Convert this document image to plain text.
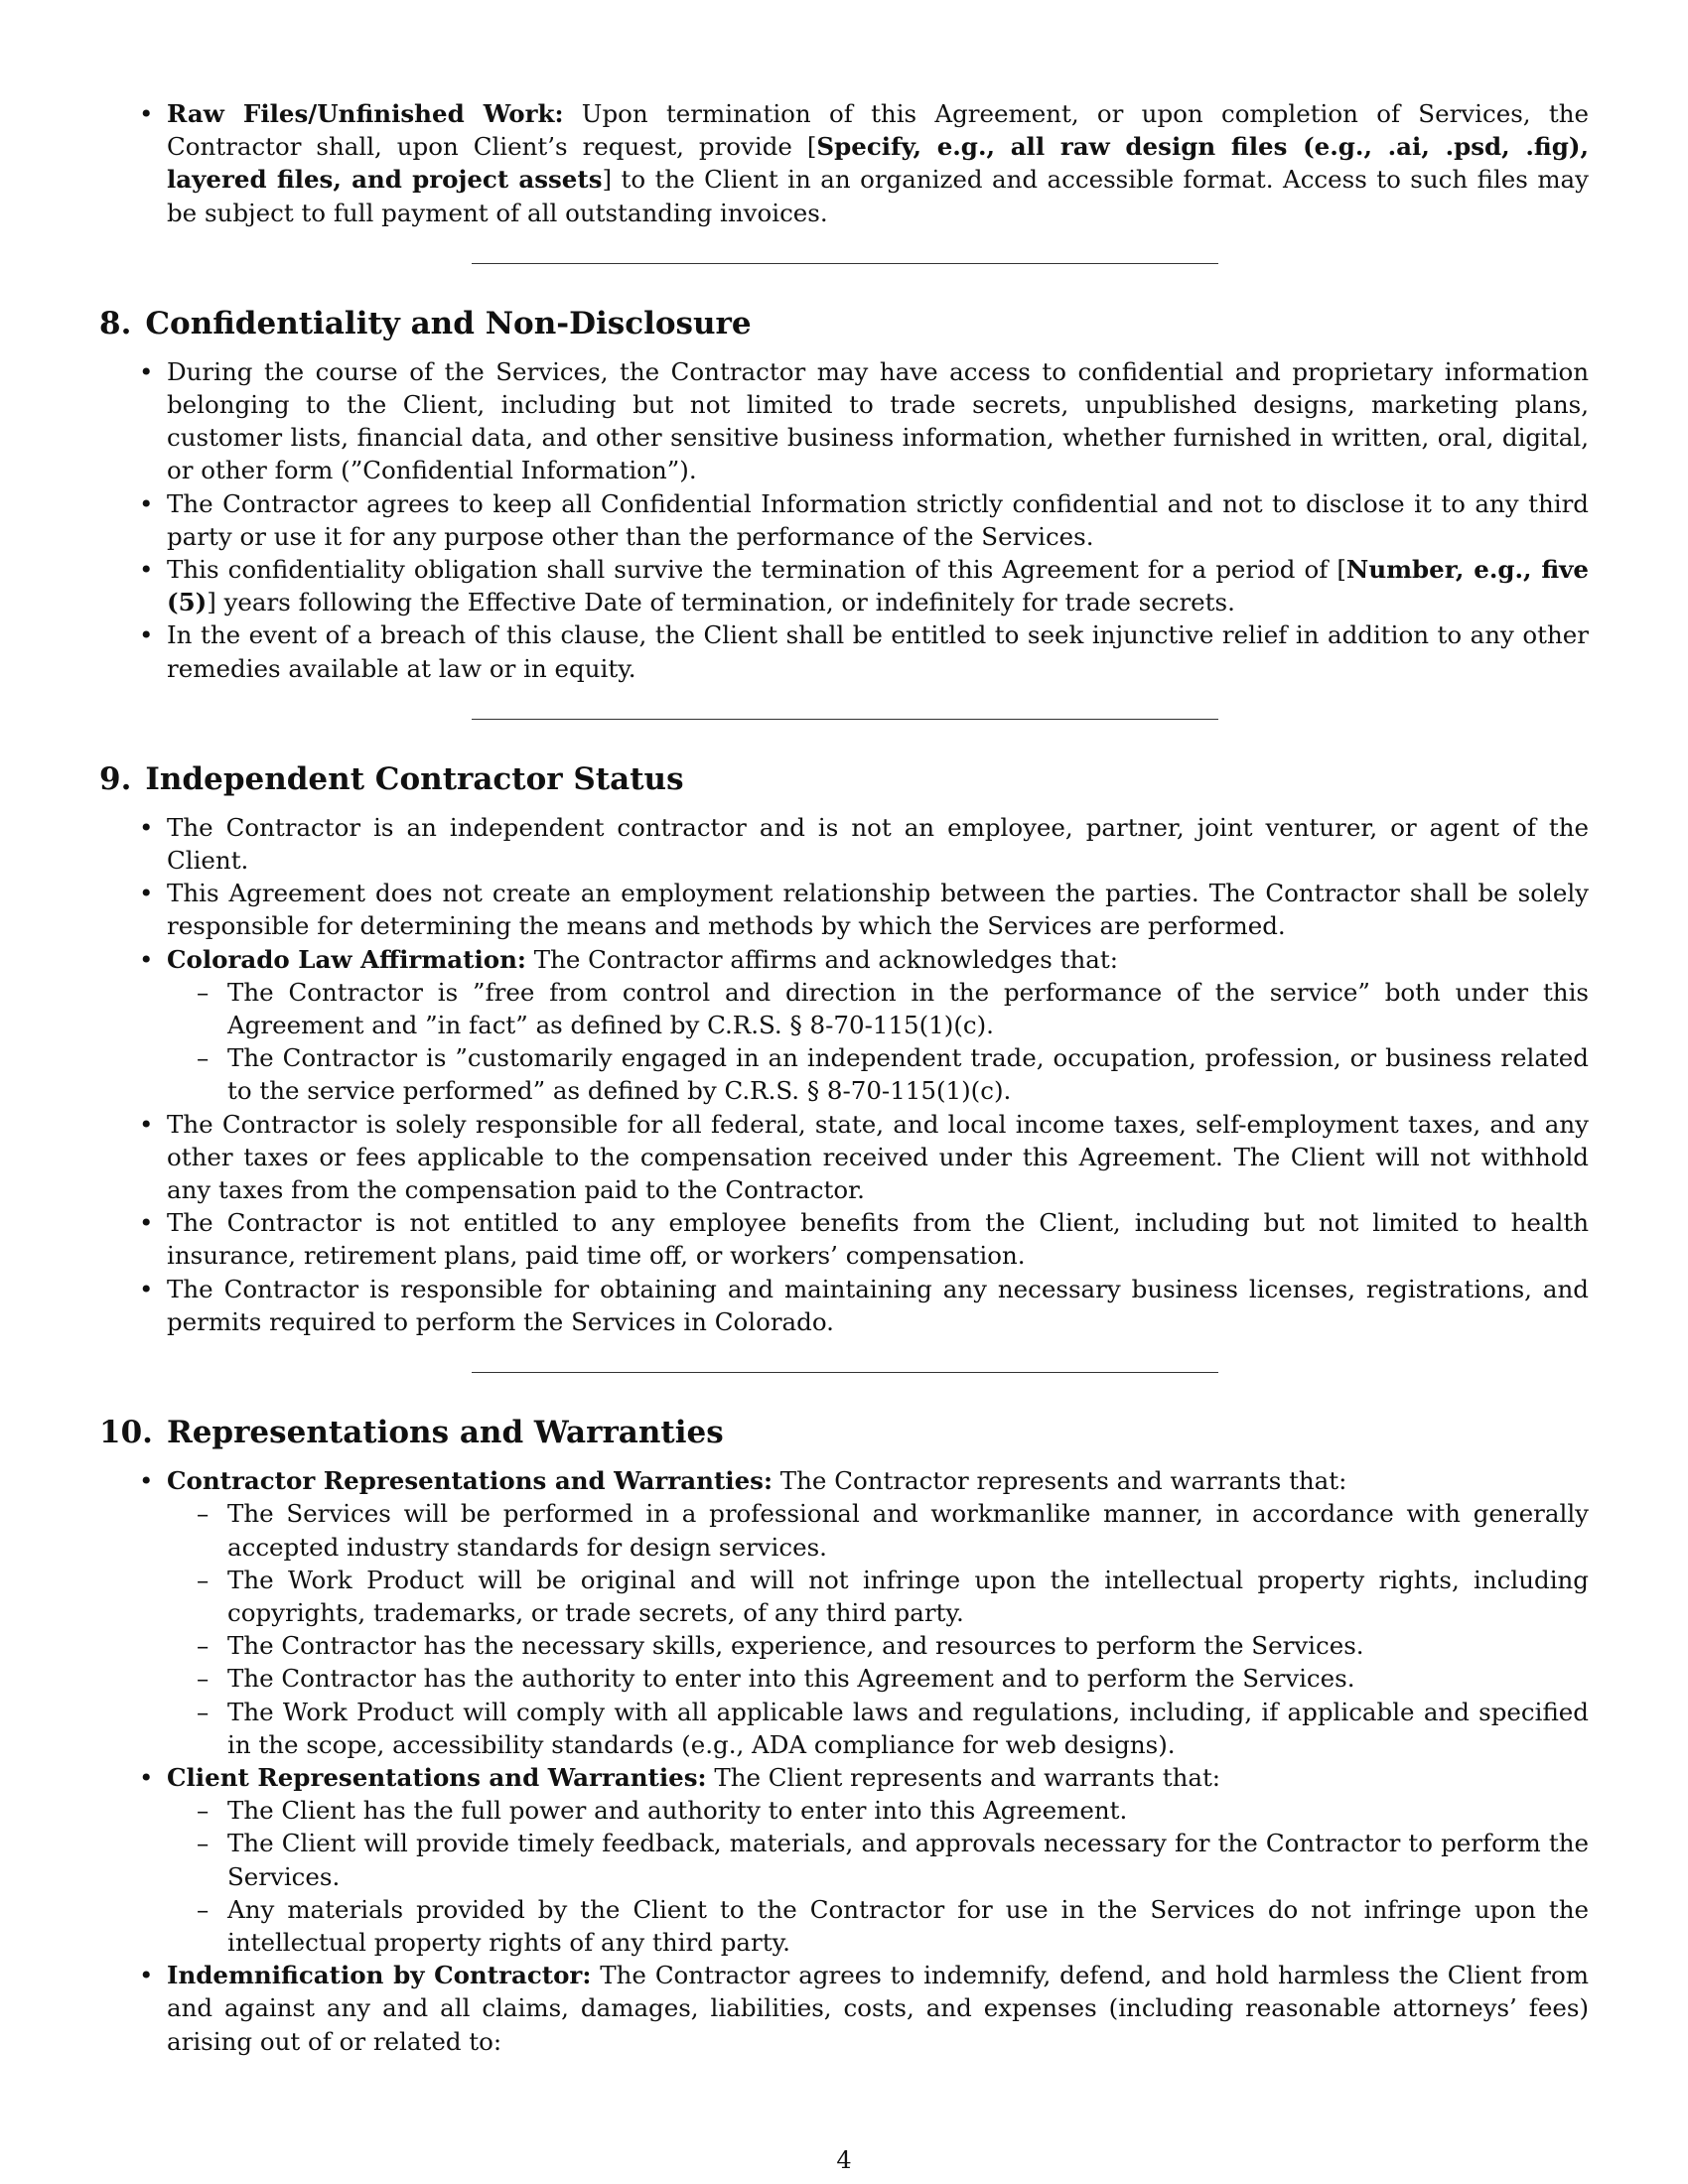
• Raw Files/Unfinished Work: Upon termination of this Agreement, or upon completion of Services, the Contractor shall, upon Client’s request, provide [Specify, e.g., all raw design files (e.g., .ai, .psd, .fig), layered files, and project assets] to the Client in an organized and accessible format. Access to such files may be subject to full payment of all outstanding invoices.
8. Confidentiality and Non-Disclosure
• During the course of the Services, the Contractor may have access to confidential and proprietary information belonging to the Client, including but not limited to trade secrets, unpublished designs, marketing plans, customer lists, financial data, and other sensitive business information, whether furnished in written, oral, digital, or other form (”Confidential Information”).
• The Contractor agrees to keep all Confidential Information strictly confidential and not to disclose it to any third party or use it for any purpose other than the performance of the Services.
• This confidentiality obligation shall survive the termination of this Agreement for a period of [Number, e.g., five (5)] years following the Effective Date of termination, or indefinitely for trade secrets.
• In the event of a breach of this clause, the Client shall be entitled to seek injunctive relief in addition to any other remedies available at law or in equity.
9. Independent Contractor Status
• The Contractor is an independent contractor and is not an employee, partner, joint venturer, or agent of the Client.
• This Agreement does not create an employment relationship between the parties. The Contractor shall be solely responsible for determining the means and methods by which the Services are performed.
• Colorado Law Affirmation: The Contractor affirms and acknowledges that:
– The Contractor is ”free from control and direction in the performance of the service” both under this Agreement and ”in fact” as defined by C.R.S. § 8-70-115(1)(c).
– The Contractor is ”customarily engaged in an independent trade, occupation, profession, or business related to the service performed” as defined by C.R.S. § 8-70-115(1)(c).
• The Contractor is solely responsible for all federal, state, and local income taxes, self-employment taxes, and any other taxes or fees applicable to the compensation received under this Agreement. The Client will not withhold any taxes from the compensation paid to the Contractor.
• The Contractor is not entitled to any employee benefits from the Client, including but not limited to health insurance, retirement plans, paid time off, or workers’ compensation.
• The Contractor is responsible for obtaining and maintaining any necessary business licenses, registrations, and permits required to perform the Services in Colorado.
10. Representations and Warranties
• Contractor Representations and Warranties: The Contractor represents and warrants that:
– The Services will be performed in a professional and workmanlike manner, in accordance with generally accepted industry standards for design services.
– The Work Product will be original and will not infringe upon the intellectual property rights, including copyrights, trademarks, or trade secrets, of any third party.
– The Contractor has the necessary skills, experience, and resources to perform the Services.
– The Contractor has the authority to enter into this Agreement and to perform the Services.
– The Work Product will comply with all applicable laws and regulations, including, if applicable and specified in the scope, accessibility standards (e.g., ADA compliance for web designs).
• Client Representations and Warranties: The Client represents and warrants that:
– The Client has the full power and authority to enter into this Agreement.
– The Client will provide timely feedback, materials, and approvals necessary for the Contractor to perform the Services.
– Any materials provided by the Client to the Contractor for use in the Services do not infringe upon the intellectual property rights of any third party.
• Indemnification by Contractor: The Contractor agrees to indemnify, defend, and hold harmless the Client from and against any and all claims, damages, liabilities, costs, and expenses (including reasonable attorneys’ fees) arising out of or related to:
4
